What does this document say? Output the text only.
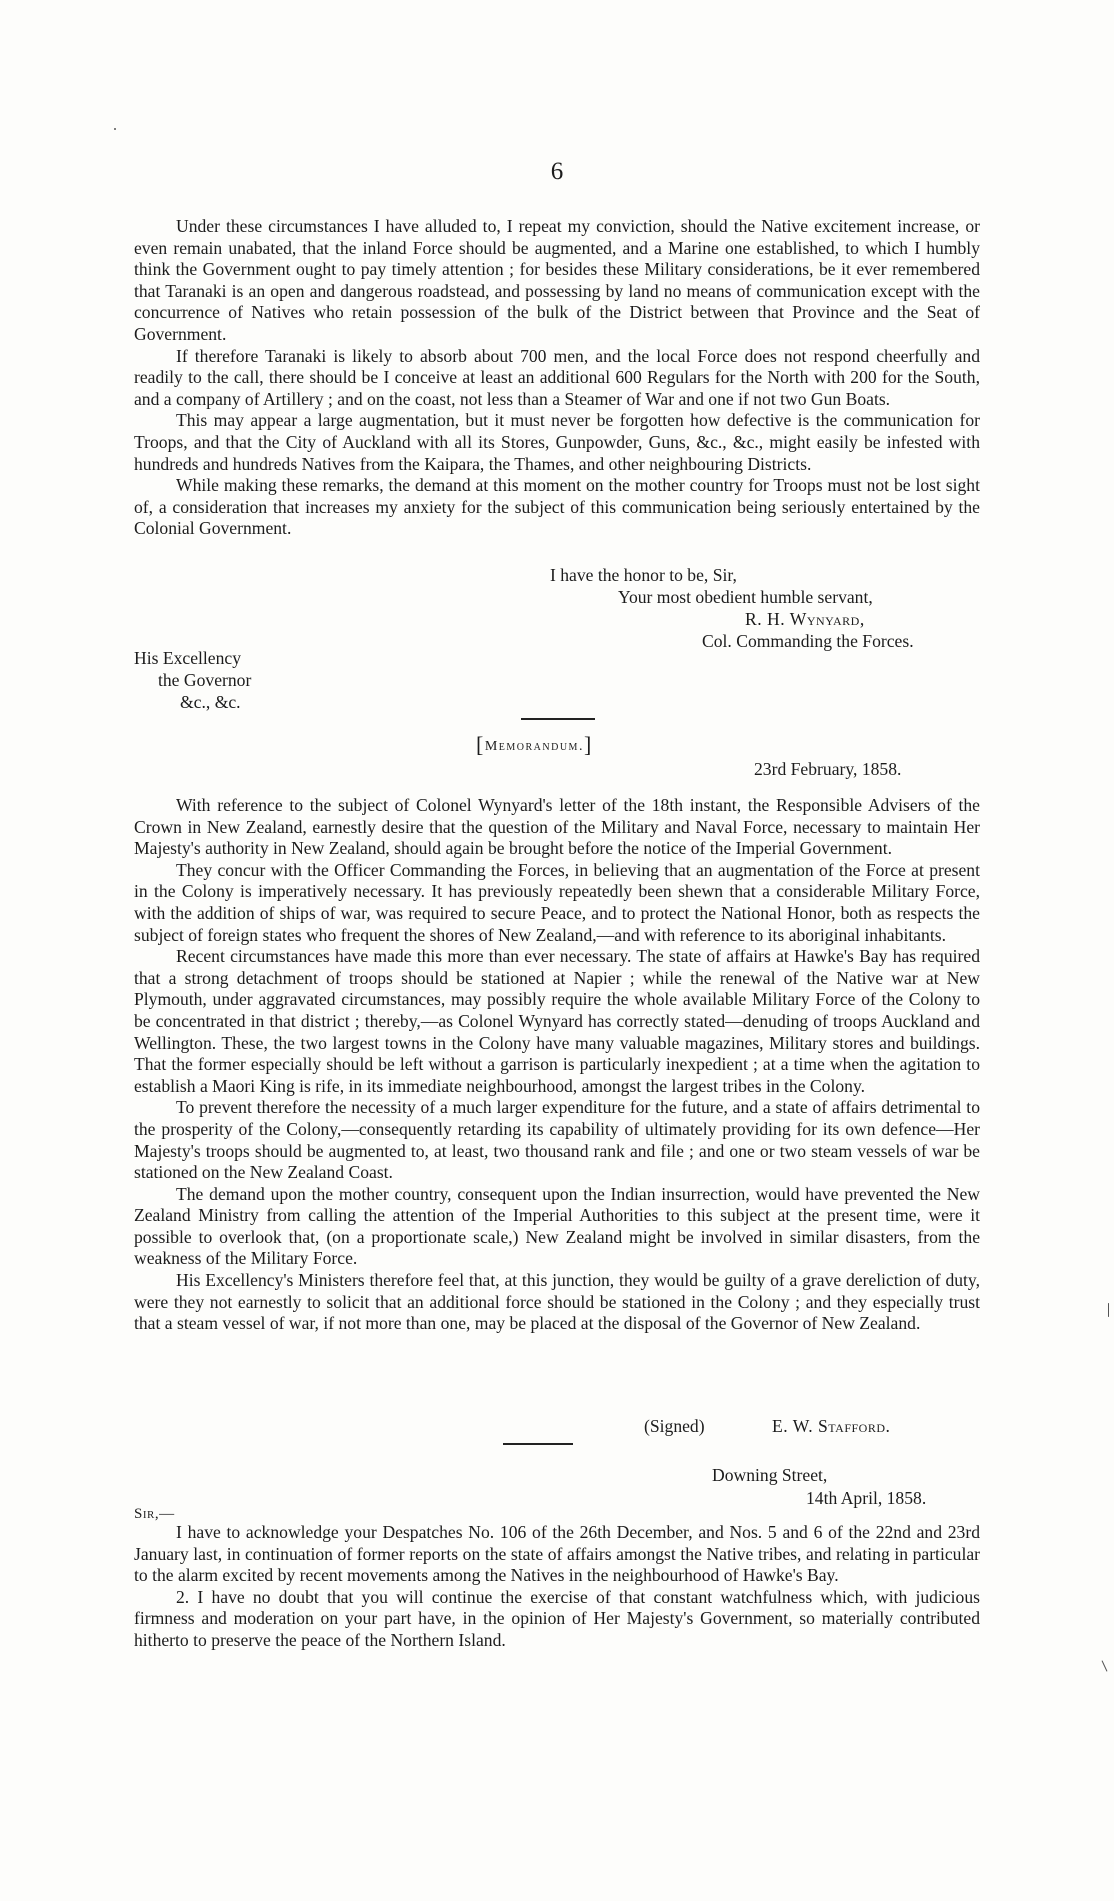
6

Under these circumstances I have alluded to, I repeat my conviction, should the Native excitement increase, or even remain unabated, that the inland Force should be augmented, and a Marine one established, to which I humbly think the Government ought to pay timely attention ; for besides these Military considerations, be it ever remembered that Taranaki is an open and dangerous roadstead, and possessing by land no means of communication except with the concurrence of Natives who retain possession of the bulk of the District between that Province and the Seat of Government.

If therefore Taranaki is likely to absorb about 700 men, and the local Force does not respond cheerfully and readily to the call, there should be I conceive at least an additional 600 Regulars for the North with 200 for the South, and a company of Artillery ; and on the coast, not less than a Steamer of War and one if not two Gun Boats.

This may appear a large augmentation, but it must never be forgotten how defective is the communication for Troops, and that the City of Auckland with all its Stores, Gunpowder, Guns, &c., &c., might easily be infested with hundreds and hundreds Natives from the Kaipara, the Thames, and other neighbouring Districts.

While making these remarks, the demand at this moment on the mother country for Troops must not be lost sight of, a consideration that increases my anxiety for the subject of this communication being seriously entertained by the Colonial Government.

I have the honor to be, Sir,
Your most obedient humble servant,
R. H. Wynyard,
Col. Commanding the Forces.
His Excellency
the Governor
&c., &c.
[Memorandum.]
23rd February, 1858.

With reference to the subject of Colonel Wynyard's letter of the 18th instant, the Responsible Advisers of the Crown in New Zealand, earnestly desire that the question of the Military and Naval Force, necessary to maintain Her Majesty's authority in New Zealand, should again be brought before the notice of the Imperial Government.

They concur with the Officer Commanding the Forces, in believing that an augmentation of the Force at present in the Colony is imperatively necessary. It has previously repeatedly been shewn that a considerable Military Force, with the addition of ships of war, was required to secure Peace, and to protect the National Honor, both as respects the subject of foreign states who frequent the shores of New Zealand,—and with reference to its aboriginal inhabitants.

Recent circumstances have made this more than ever necessary. The state of affairs at Hawke's Bay has required that a strong detachment of troops should be stationed at Napier ; while the renewal of the Native war at New Plymouth, under aggravated circumstances, may possibly require the whole available Military Force of the Colony to be concentrated in that district ; thereby,—as Colonel Wynyard has correctly stated—denuding of troops Auckland and Wellington. These, the two largest towns in the Colony have many valuable magazines, Military stores and buildings. That the former especially should be left without a garrison is particularly inexpedient ; at a time when the agitation to establish a Maori King is rife, in its immediate neighbourhood, amongst the largest tribes in the Colony.

To prevent therefore the necessity of a much larger expenditure for the future, and a state of affairs detrimental to the prosperity of the Colony,—consequently retarding its capability of ultimately providing for its own defence—Her Majesty's troops should be augmented to, at least, two thousand rank and file ; and one or two steam vessels of war be stationed on the New Zealand Coast.

The demand upon the mother country, consequent upon the Indian insurrection, would have prevented the New Zealand Ministry from calling the attention of the Imperial Authorities to this subject at the present time, were it possible to overlook that, (on a proportionate scale,) New Zealand might be involved in similar disasters, from the weakness of the Military Force.

His Excellency's Ministers therefore feel that, at this junction, they would be guilty of a grave dereliction of duty, were they not earnestly to solicit that an additional force should be stationed in the Colony ; and they especially trust that a steam vessel of war, if not more than one, may be placed at the disposal of the Governor of New Zealand.

(Signed)	E. W. Stafford.
Downing Street,
14th April, 1858.
Sir,—

I have to acknowledge your Despatches No. 106 of the 26th December, and Nos. 5 and 6 of the 22nd and 23rd January last, in continuation of former reports on the state of affairs amongst the Native tribes, and relating in particular to the alarm excited by recent movements among the Natives in the neighbourhood of Hawke's Bay.

2. I have no doubt that you will continue the exercise of that constant watchfulness which, with judicious firmness and moderation on your part have, in the opinion of Her Majesty's Government, so materially contributed hitherto to preserve the peace of the Northern Island.
